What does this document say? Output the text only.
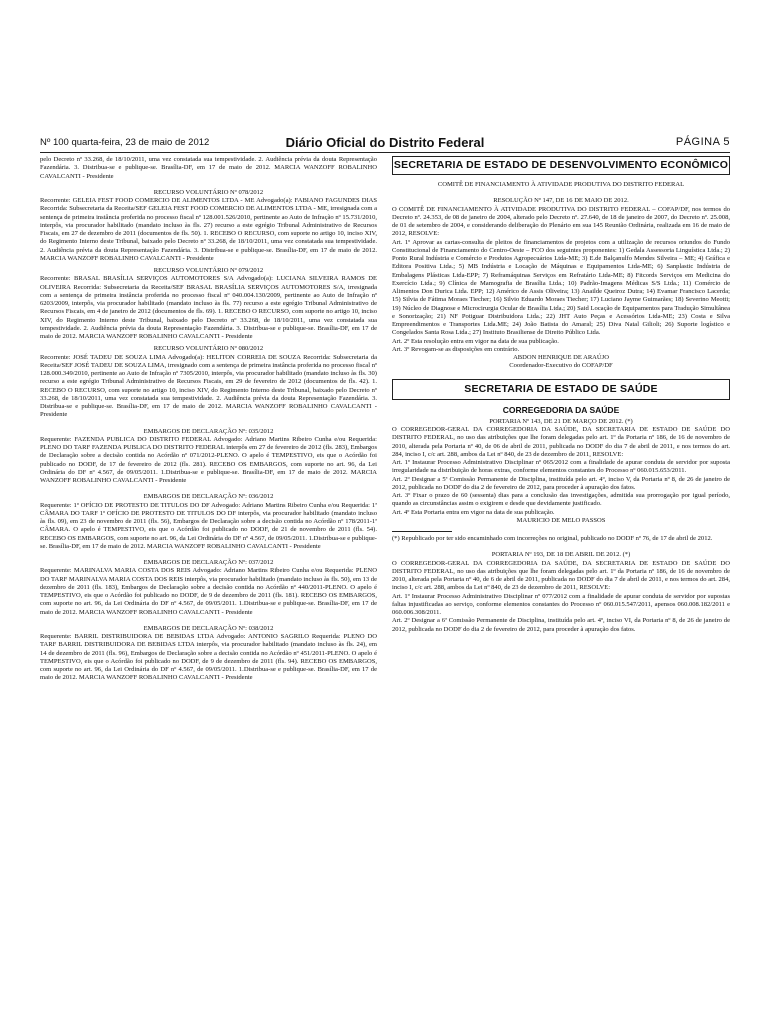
Nº 100 quarta-feira, 23 de maio de 2012	Diário Oficial do Distrito Federal	PÁGINA 5

pelo Decreto nº 33.268, de 18/10/2011, uma vez constatada sua tempestividade. 2. Audiência prévia da douta Representação Fazendária. 3. Distribua-se e publique-se. Brasília-DF, em 17 de maio de 2012. MARCIA WANZOFF ROBALINHO CAVALCANTI - Presidente

RECURSO VOLUNTÁRIO Nº 078/2012

Recorrente: GELEIA FEST FOOD COMERCIO DE ALIMENTOS LTDA - ME Advogado(a): FABIANO FAGUNDES DIAS Recorrida: Subsecretaria da Receita/SEF GELEIA FEST FOOD COMERCIO DE ALIMENTOS LTDA - ME, irresignada com a sentença de primeira instância proferida no processo fiscal nº 128.001.526/2010, pertinente ao Auto de Infração nº 15.731/2010, interpôs, via procurador habilitado (mandato incluso às fls. 27) recurso a este egrégio Tribunal Administrativo de Recursos Fiscais, em 27 de dezembro de 2011 (documentos de fls. 50). 1. RECEBO O RECURSO, com suporte no artigo 10, inciso XIV, do Regimento Interno deste Tribunal, baixado pelo Decreto nº 33.268, de 18/10/2011, uma vez constatada sua tempestividade. 2. Audiência prévia da douta Representação Fazendária. 3. Distribua-se e publique-se. Brasília-DF, em 17 de maio de 2012. MARCIA WANZOFF ROBALINHO CAVALCANTI - Presidente

RECURSO VOLUNTÁRIO Nº 079/2012

Recorrente: BRASAL BRASÍLIA SERVIÇOS AUTOMOTORES S/A Advogado(a): LUCIANA SILVEIRA RAMOS DE OLIVEIRA Recorrida: Subsecretaria da Receita/SEF BRASAL BRASÍLIA SERVIÇOS AUTOMOTORES S/A, irresignada com a sentença de primeira instância proferida no processo fiscal nº 040.004.130/2009, pertinente ao Auto de Infração nº 6203/2009, interpôs, via procurador habilitado (mandato incluso às fls. 77) recurso a este egrégio Tribunal Administrativo de Recursos Fiscais, em 4 de janeiro de 2012 (documentos de fls. 69). 1. RECEBO O RECURSO, com suporte no artigo 10, inciso XIV, do Regimento Interno deste Tribunal, baixado pelo Decreto nº 33.268, de 18/10/2011, uma vez constatada sua tempestividade. 2. Audiência prévia da douta Representação Fazendária. 3. Distribua-se e publique-se. Brasília-DF, em 17 de maio de 2012. MARCIA WANZOFF ROBALINHO CAVALCANTI - Presidente

RECURSO VOLUNTÁRIO Nº 080/2012

Recorrente: JOSÉ TADEU DE SOUZA LIMA Advogado(a): HELITON CORREIA DE SOUZA Recorrida: Subsecretaria da Receita/SEF JOSÉ TADEU DE SOUZA LIMA, irresignado com a sentença de primeira instância proferida no processo fiscal nº 128.000.349/2010, pertinente ao Auto de Infração nº 7305/2010, interpôs, via procurador habilitado (mandato incluso às fls. 30) recurso a este egrégio Tribunal Administrativo de Recursos Fiscais, em 29 de fevereiro de 2012 (documentos de fls. 42). 1. RECEBO O RECURSO, com suporte no artigo 10, inciso XIV, do Regimento Interno deste Tribunal, baixado pelo Decreto nº 33.268, de 18/10/2011, uma vez constatada sua tempestividade. 2. Audiência prévia da douta Representação Fazendária. 3. Distribua-se e publique-se. Brasília-DF, em 17 de maio de 2012. MARCIA WANZOFF ROBALINHO CAVALCANTI - Presidente

EMBARGOS DE DECLARAÇÃO Nº: 035/2012

Requerente: FAZENDA PUBLICA DO DISTRITO FEDERAL Advogado: Adriano Martins Ribeiro Cunha e/ou Requerida: PLENO DO TARF FAZENDA PUBLICA DO DISTRITO FEDERAL interpôs em 27 de fevereiro de 2012 (fls. 283), Embargos de Declaração sobre a decisão contida no Acórdão nº 071/2012-PLENO. O apelo é TEMPESTIVO, eis que o Acórdão foi publicado no DODF, de 17 de fevereiro de 2012 (fls. 281). RECEBO OS EMBARGOS, com suporte no art. 96, da Lei Ordinária do DF nº 4.567, de 09/05/2011. 1.Distribua-se e publique-se. Brasília-DF, em 17 de maio de 2012. MARCIA WANZOFF ROBALINHO CAVALCANTI - Presidente

EMBARGOS DE DECLARAÇÃO Nº: 036/2012

Requerente: 1º OFÍCIO DE PROTESTO DE TITULOS DO DF Advogado: Adriano Martins Ribeiro Cunha e/ou Requerida: 1ª CÂMARA DO TARF 1º OFÍCIO DE PROTESTO DE TITULOS DO DF interpôs, via procurador habilitado (mandato incluso às fls. 09), em 23 de novembro de 2011 (fls. 56), Embargos de Declaração sobre a decisão contida no Acórdão nº 178/2011-1ª CÂMARA. O apelo é TEMPESTIVO, eis que o Acórdão foi publicado no DODF, de 21 de novembro de 2011 (fls. 54). RECEBO OS EMBARGOS, com suporte no art. 96, da Lei Ordinária do DF nº 4.567, de 09/05/2011. 1.Distribua-se e publique-se. Brasília-DF, em 17 de maio de 2012. MARCIA WANZOFF ROBALINHO CAVALCANTI - Presidente

EMBARGOS DE DECLARAÇÃO Nº: 037/2012

Requerente: MARINALVA MARIA COSTA DOS REIS Advogado: Adriano Martins Ribeiro Cunha e/ou Requerida: PLENO DO TARF MARINALVA MARIA COSTA DOS REIS interpôs, via procurador habilitado (mandato incluso às fls. 50), em 13 de dezembro de 2011 (fls. 183), Embargos de Declaração sobre a decisão contida no Acórdão nº 440/2011-PLENO. O apelo é TEMPESTIVO, eis que o Acórdão foi publicado no DODF, de 9 de dezembro de 2011 (fls. 181). RECEBO OS EMBARGOS, com suporte no art. 96, da Lei Ordinária do DF nº 4.567, de 09/05/2011. 1.Distribua-se e publique-se. Brasília-DF, em 17 de maio de 2012. MARCIA WANZOFF ROBALINHO CAVALCANTI - Presidente

EMBARGOS DE DECLARAÇÃO Nº: 038/2012

Requerente: BARRIL DISTRIBUIDORA DE BEBIDAS LTDA Advogado: ANTONIO SAGRILO Requerida: PLENO DO TARF BARRIL DISTRIBUIDORA DE BEBIDAS LTDA interpôs, via procurador habilitado (mandato incluso às fls. 24), em 14 de dezembro de 2011 (fls. 96), Embargos de Declaração sobre a decisão contida no Acórdão nº 451/2011-PLENO. O apelo é TEMPESTIVO, eis que o Acórdão foi publicado no DODF, de 9 de dezembro de 2011 (fls. 94). RECEBO OS EMBARGOS, com suporte no art. 96, da Lei Ordinária do DF nº 4.567, de 09/05/2011. 1.Distribua-se e publique-se. Brasília-DF, em 17 de maio de 2012. MARCIA WANZOFF ROBALINHO CAVALCANTI - Presidente

SECRETARIA DE ESTADO DE DESENVOLVIMENTO ECONÔMICO

COMITÊ DE FINANCIAMENTO À ATIVIDADE PRODUTIVA DO DISTRITO FEDERAL

RESOLUÇÃO Nº 147, DE 16 DE MAIO DE 2012.

O COMITÊ DE FINANCIAMENTO À ATIVIDADE PRODUTIVA DO DISTRITO FEDERAL – COFAP/DF, nos termos do Decreto nº. 24.353, de 08 de janeiro de 2004, alterado pelo Decreto nº. 27.640, de 18 de janeiro de 2007, do Decreto nº. 25.008, de 01 de setembro de 2004, e considerando deliberação do Plenário em sua 145 Reunião Ordinária, realizada em 16 de maio de 2012, RESOLVE:

Art. 1º Aprovar as cartas-consulta de pleitos de financiamentos de projetos com a utilização de recursos oriundos do Fundo Constitucional de Financiamento do Centro-Oeste – FCO dos seguintes proponentes: 1) Gedala Assessoria Linguística Ltda.; 2) Ponto Rural Indústria e Comércio e Produtos Agropecuários Ltda-ME; 3) E.de Balçanulfo Mendes Silveira – ME; 4) Gráfica e Editora Positiva Ltda.; 5) MB Indústria e Locação de Máquinas e Equipamentos Ltda-ME; 6) Sanplastic Indústria de Embalagens Plásticas Ltda-EPP; 7) Reframáquinas Serviços em Refratário Ltda-ME; 8) Fitcords Serviços em Medicina do Exercício Ltda.; 9) Clínica de Mamografia de Brasília Ltda.; 10) Padrão-Imagens Médicas S/S Ltda.; 11) Comércio de Alimentos Don Durica Ltda. EPP; 12) Américo de Assis Oliveira; 13) Anailde Queiroz Dutra; 14) Evamar Francisco Lacerda; 15) Silvia de Fátima Moraes Tiecher; 16) Silvio Eduardo Moraes Tiecher; 17) Luciano Jayme Guimarães; 18) Severino Meotti; 19) Núcleo de Diagnose e Microcirurgia Ocular de Brasília Ltda.; 20) Said Locação de Equipamentos para Tradução Simultânea e Sonorização; 21) NF Potiguar Distribuidora Ltda.; 22) JHT Auto Peças e Acessórios Ltda-ME; 23) Costa e Silva Empreendimentos e Transportes Ltda.ME; 24) João Batista do Amaral; 25) Diva Natal Gilioli; 26) Suporte logístico e Congelados Santa Rosa Ltda.; 27) Instituto Brasiliense de Direito Público Ltda.

Art. 2º Esta resolução entra em vigor na data de sua publicação.

Art. 3º Revogam-se as disposições em contrário.

ABDON HENRIQUE DE ARAÚJO

Coordenador-Executivo do COFAP/DF

SECRETARIA DE ESTADO DE SAÚDE
CORREGEDORIA DA SAÚDE

PORTARIA Nº 143, DE 21 DE MARÇO DE 2012. (*)

O CORREGEDOR-GERAL DA CORREGEDORIA DA SAÚDE, DA SECRETARIA DE ESTADO DE SAÚDE DO DISTRITO FEDERAL, no uso das atribuições que lhe foram delegadas pelo art. 1º da Portaria nº 186, de 16 de novembro de 2010, alterada pela Portaria nº 40, de 06 de abril de 2011, publicada no DODF do dia 7 de abril de 2011, e nos termos do art. 284, inciso I, c/c art. 288, ambos da Lei nº 840, de 23 de dezembro de 2011, RESOLVE:

Art. 1º Instaurar Processo Administrativo Disciplinar nº 065/2012 com a finalidade de apurar conduta de servidor por suposta irregularidade na distribuição de horas extras, conforme elementos constantes do Processo nº 060.015.653/2011.

Art. 2º Designar a 5ª Comissão Permanente de Disciplina, instituída pelo art. 4º, inciso V, da Portaria nº 8, de 26 de janeiro de 2012, publicada no DODF do dia 2 de fevereiro de 2012, para proceder à apuração dos fatos.

Art. 3º Fixar o prazo de 60 (sessenta) dias para a conclusão das investigações, admitida sua prorrogação por igual período, quando as circunstâncias assim o exigirem e desde que devidamente justificado.

Art. 4º Esta Portaria entra em vigor na data de sua publicação.

MAURICIO DE MELO PASSOS

(*) Republicado por ter sido encaminhado com incorreções no original, publicado no DODF nº 76, de 17 de abril de 2012.

PORTARIA Nº 193, DE 18 DE ABRIL DE 2012. (*)

O CORREGEDOR-GERAL DA CORREGEDORIA DA SAÚDE, DA SECRETARIA DE ESTADO DE SAÚDE DO DISTRITO FEDERAL, no uso das atribuições que lhe foram delegadas pelo art. 1º da Portaria nº 186, de 16 de novembro de 2010, alterada pela Portaria nº 40, de 6 de abril de 2011, publicada no DODF do dia 7 de abril de 2011, e nos termos do art. 284, inciso I, c/c art. 288, ambos da Lei nº 840, de 23 de dezembro de 2011, RESOLVE:

Art. 1º Instaurar Processo Administrativo Disciplinar nº 077/2012 com a finalidade de apurar conduta de servidor por supostas faltas injustificadas ao serviço, conforme elementos constantes do Processo nº 060.015.547/2011, apensos 060.008.182/2011 e 060.006.308/2011.

Art. 2º Designar a 6ª Comissão Permanente de Disciplina, instituída pelo art. 4º, inciso VI, da Portaria nº 8, de 26 de janeiro de 2012, publicada no DODF do dia 2 de fevereiro de 2012, para proceder à apuração dos fatos.
